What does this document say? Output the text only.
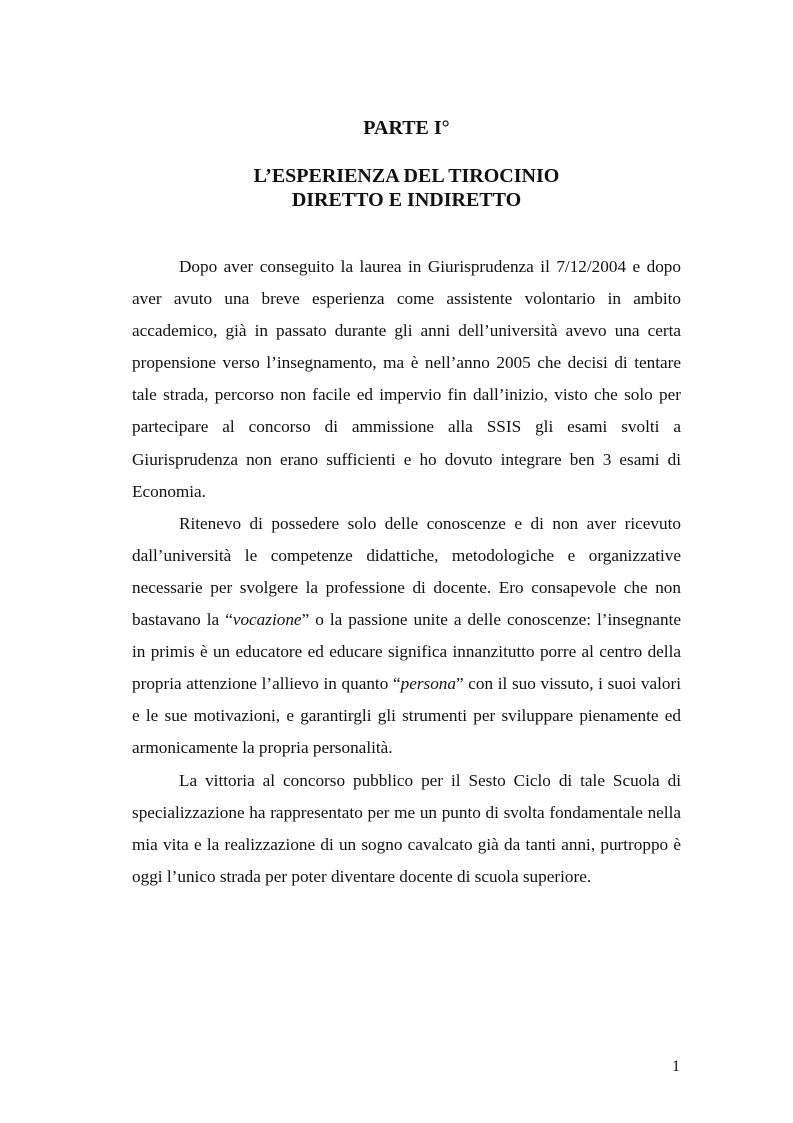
PARTE I°
L’ESPERIENZA DEL TIROCINIO
DIRETTO E INDIRETTO

Dopo aver conseguito la laurea in Giurisprudenza il 7/12/2004 e dopo aver avuto una breve esperienza come assistente volontario in ambito accademico, già in passato durante gli anni dell’università avevo una certa propensione verso l’insegnamento, ma è nell’anno 2005 che decisi di tentare tale strada, percorso non facile ed impervio fin dall’inizio, visto che solo per partecipare al concorso di ammissione alla SSIS gli esami svolti a Giurisprudenza non erano sufficienti e ho dovuto integrare ben 3 esami di Economia.

Ritenevo di possedere solo delle conoscenze e di non aver ricevuto dall’università le competenze didattiche, metodologiche e organizzative necessarie per svolgere la professione di docente. Ero consapevole che non bastavano la “vocazione” o la passione unite a delle conoscenze: l’insegnante in primis è un educatore ed educare significa innanzitutto porre al centro della propria attenzione l’allievo in quanto “persona” con il suo vissuto, i suoi valori e le sue motivazioni, e garantirgli gli strumenti per sviluppare pienamente ed armonicamente la propria personalità.

La vittoria al concorso pubblico per il Sesto Ciclo di tale Scuola di specializzazione ha rappresentato per me un punto di svolta fondamentale nella mia vita e la realizzazione di un sogno cavalcato già da tanti anni, purtroppo è oggi l’unico strada per poter diventare docente di scuola superiore.

1
